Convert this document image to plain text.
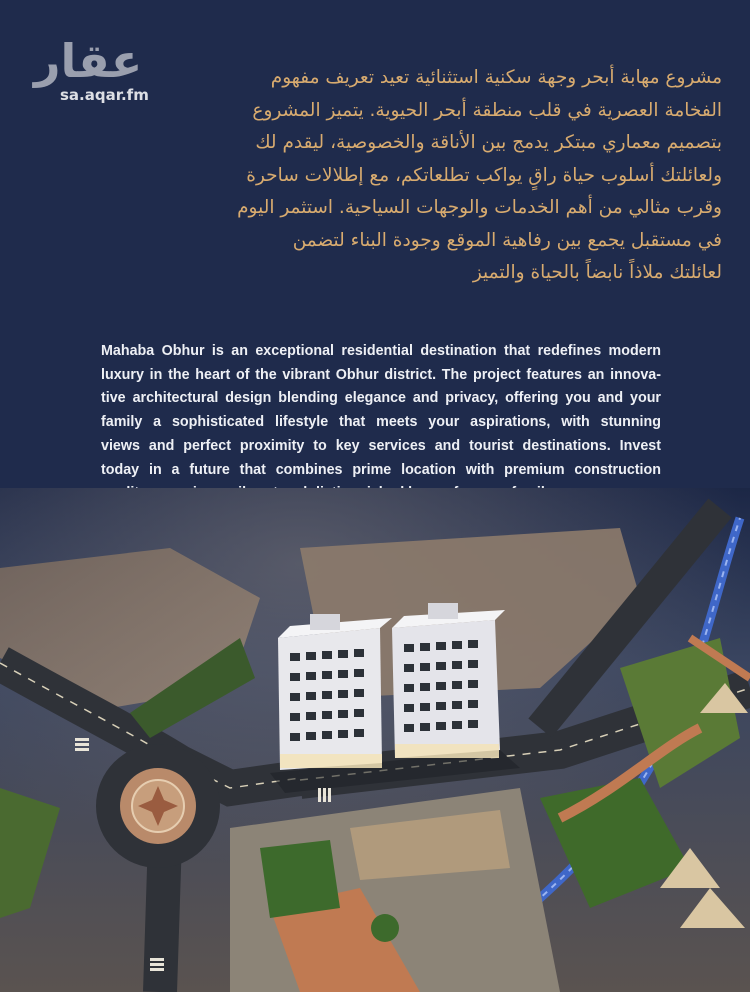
عقار
sa.aqar.fm
مشروع مهابة أبحر وجهة سكنية استثنائية تعيد تعريف مفهوم
الفخامة العصرية في قلب منطقة أبحر الحيوية. يتميز المشروع
بتصميم معماري مبتكر يدمج بين الأناقة والخصوصية، ليقدم لك
ولعائلتك أسلوب حياة راقٍ يواكب تطلعاتكم، مع إطلالات ساحرة
وقرب مثالي من أهم الخدمات والوجهات السياحية. استثمر اليوم
في مستقبل يجمع بين رفاهية الموقع وجودة البناء لتضمن
لعائلتك ملاذاً نابضاً بالحياة والتميز
Mahaba Obhur is an exceptional residential destination that redefines modern
luxury in the heart of the vibrant Obhur district. The project features an innova-
tive architectural design blending elegance and privacy, offering you and your
family a sophisticated lifestyle that meets your aspirations, with stunning
views and perfect proximity to key services and tourist destinations. Invest
today in a future that combines prime location with premium construction
